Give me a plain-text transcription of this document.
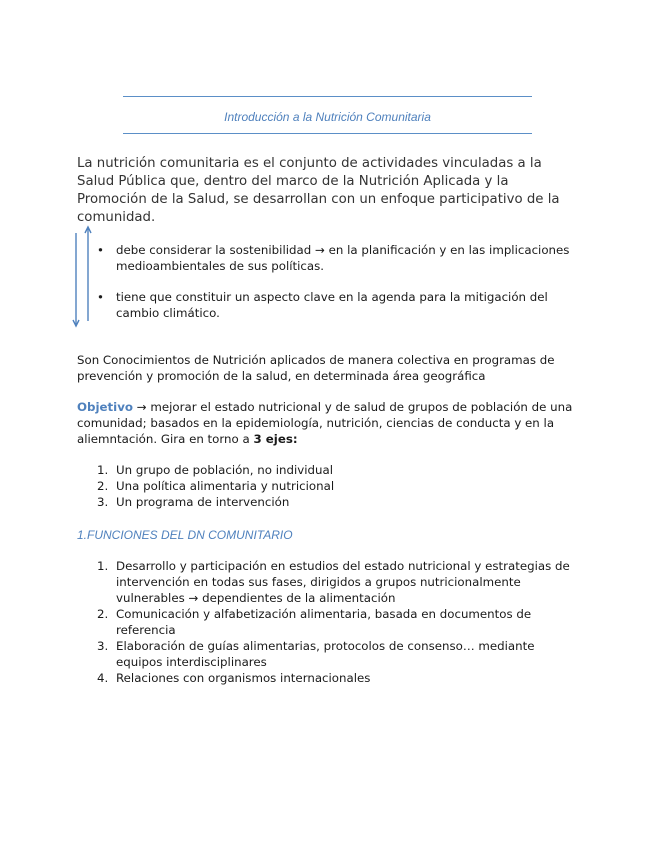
Introducción a la Nutrición Comunitaria
La nutrición comunitaria es el conjunto de actividades vinculadas a la Salud Pública que, dentro del marco de la Nutrición Aplicada y la Promoción de la Salud, se desarrollan con un enfoque participativo de la comunidad.
• debe considerar la sostenibilidad → en la planificación y en las implicaciones medioambientales de sus políticas.
• tiene que constituir un aspecto clave en la agenda para la mitigación del cambio climático.
Son Conocimientos de Nutrición aplicados de manera colectiva en programas de prevención y promoción de la salud, en determinada área geográfica
Objetivo → mejorar el estado nutricional y de salud de grupos de población de una comunidad; basados en la epidemiología, nutrición, ciencias de conducta y en la aliemntación. Gira en torno a 3 ejes:
1. Un grupo de población, no individual
2. Una política alimentaria y nutricional
3. Un programa de intervención
1.FUNCIONES DEL DN COMUNITARIO
1. Desarrollo y participación en estudios del estado nutricional y estrategias de intervención en todas sus fases, dirigidos a grupos nutricionalmente vulnerables → dependientes de la alimentación
2. Comunicación y alfabetización alimentaria, basada en documentos de referencia
3. Elaboración de guías alimentarias, protocolos de consenso… mediante equipos interdisciplinares
4. Relaciones con organismos internacionales
